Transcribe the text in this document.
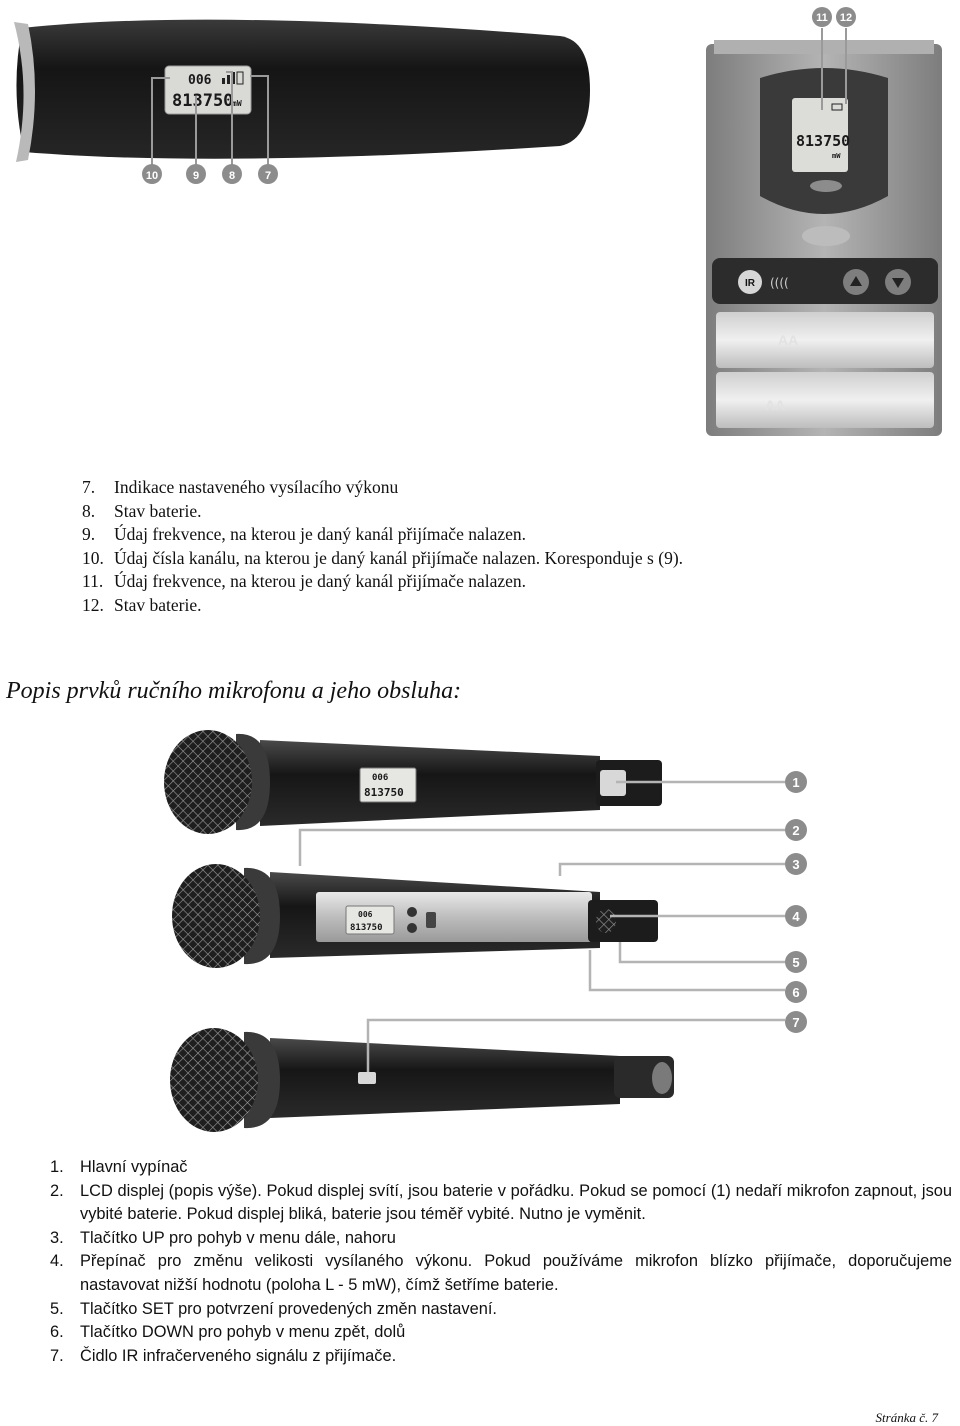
006
813750
mW
10	9	8	7
813750
mW
IR ((((
AA
AA
11 12
7.	Indikace nastaveného vysílacího výkonu
8.	Stav baterie.
9.	Údaj frekvence, na kterou je daný kanál přijímače nalazen.
10. Údaj čísla kanálu, na kterou je daný kanál přijímače nalazen. Koresponduje s (9).
11. Údaj frekvence, na kterou je daný kanál přijímače nalazen.
12. Stav baterie.
Popis prvků ručního mikrofonu a jeho obsluha:
006
813750
006
813750
1
2
3
4
5
6
7
1. Hlavní vypínač
2. LCD displej (popis výše). Pokud displej svítí, jsou baterie v pořádku. Pokud se pomocí (1) nedaří mikrofon zapnout, jsou vybité baterie. Pokud displej bliká, baterie jsou téměř vybité. Nutno je vyměnit.
3. Tlačítko UP pro pohyb v menu dále, nahoru
4. Přepínač pro změnu velikosti vysílaného výkonu. Pokud používáme mikrofon blízko přijímače, doporučujeme nastavovat nižší hodnotu (poloha L - 5 mW), čímž šetříme baterie.
5. Tlačítko SET pro potvrzení provedených změn nastavení.
6. Tlačítko DOWN pro pohyb v menu zpět, dolů
7. Čidlo IR infračerveného signálu z přijímače.
Stránka č. 7
